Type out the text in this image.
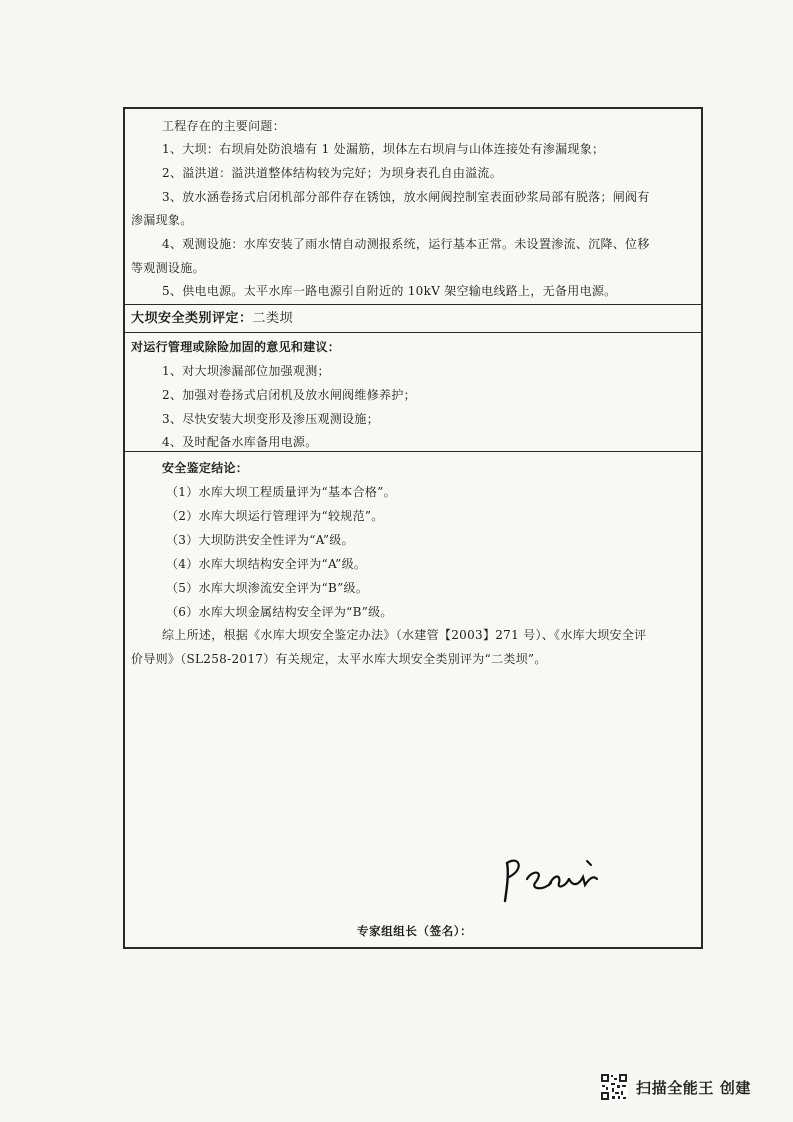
工程存在的主要问题：
1、大坝：右坝肩处防浪墙有 1 处漏筋，坝体左右坝肩与山体连接处有渗漏现象；
2、溢洪道：溢洪道整体结构较为完好；为坝身表孔自由溢流。
3、放水涵卷扬式启闭机部分部件存在锈蚀，放水闸阀控制室表面砂浆局部有脱落；闸阀有
渗漏现象。
4、观测设施：水库安装了雨水情自动测报系统，运行基本正常。未设置渗流、沉降、位移
等观测设施。
5、供电电源。太平水库一路电源引自附近的 10kV 架空输电线路上，无备用电源。
大坝安全类别评定：二类坝
对运行管理或除险加固的意见和建议：
1、对大坝渗漏部位加强观测；
2、加强对卷扬式启闭机及放水闸阀维修养护；
3、尽快安装大坝变形及渗压观测设施；
4、及时配备水库备用电源。
安全鉴定结论：
（1）水库大坝工程质量评为“基本合格”。
（2）水库大坝运行管理评为“较规范”。
（3）大坝防洪安全性评为“A”级。
（4）水库大坝结构安全评为“A”级。
（5）水库大坝渗流安全评为“B”级。
（6）水库大坝金属结构安全评为“B”级。
综上所述，根据《水库大坝安全鉴定办法》（水建管【2003】271 号）、《水库大坝安全评
价导则》（SL258-2017）有关规定，太平水库大坝安全类别评为“二类坝”。
专家组组长（签名）：
扫描全能王 创建
